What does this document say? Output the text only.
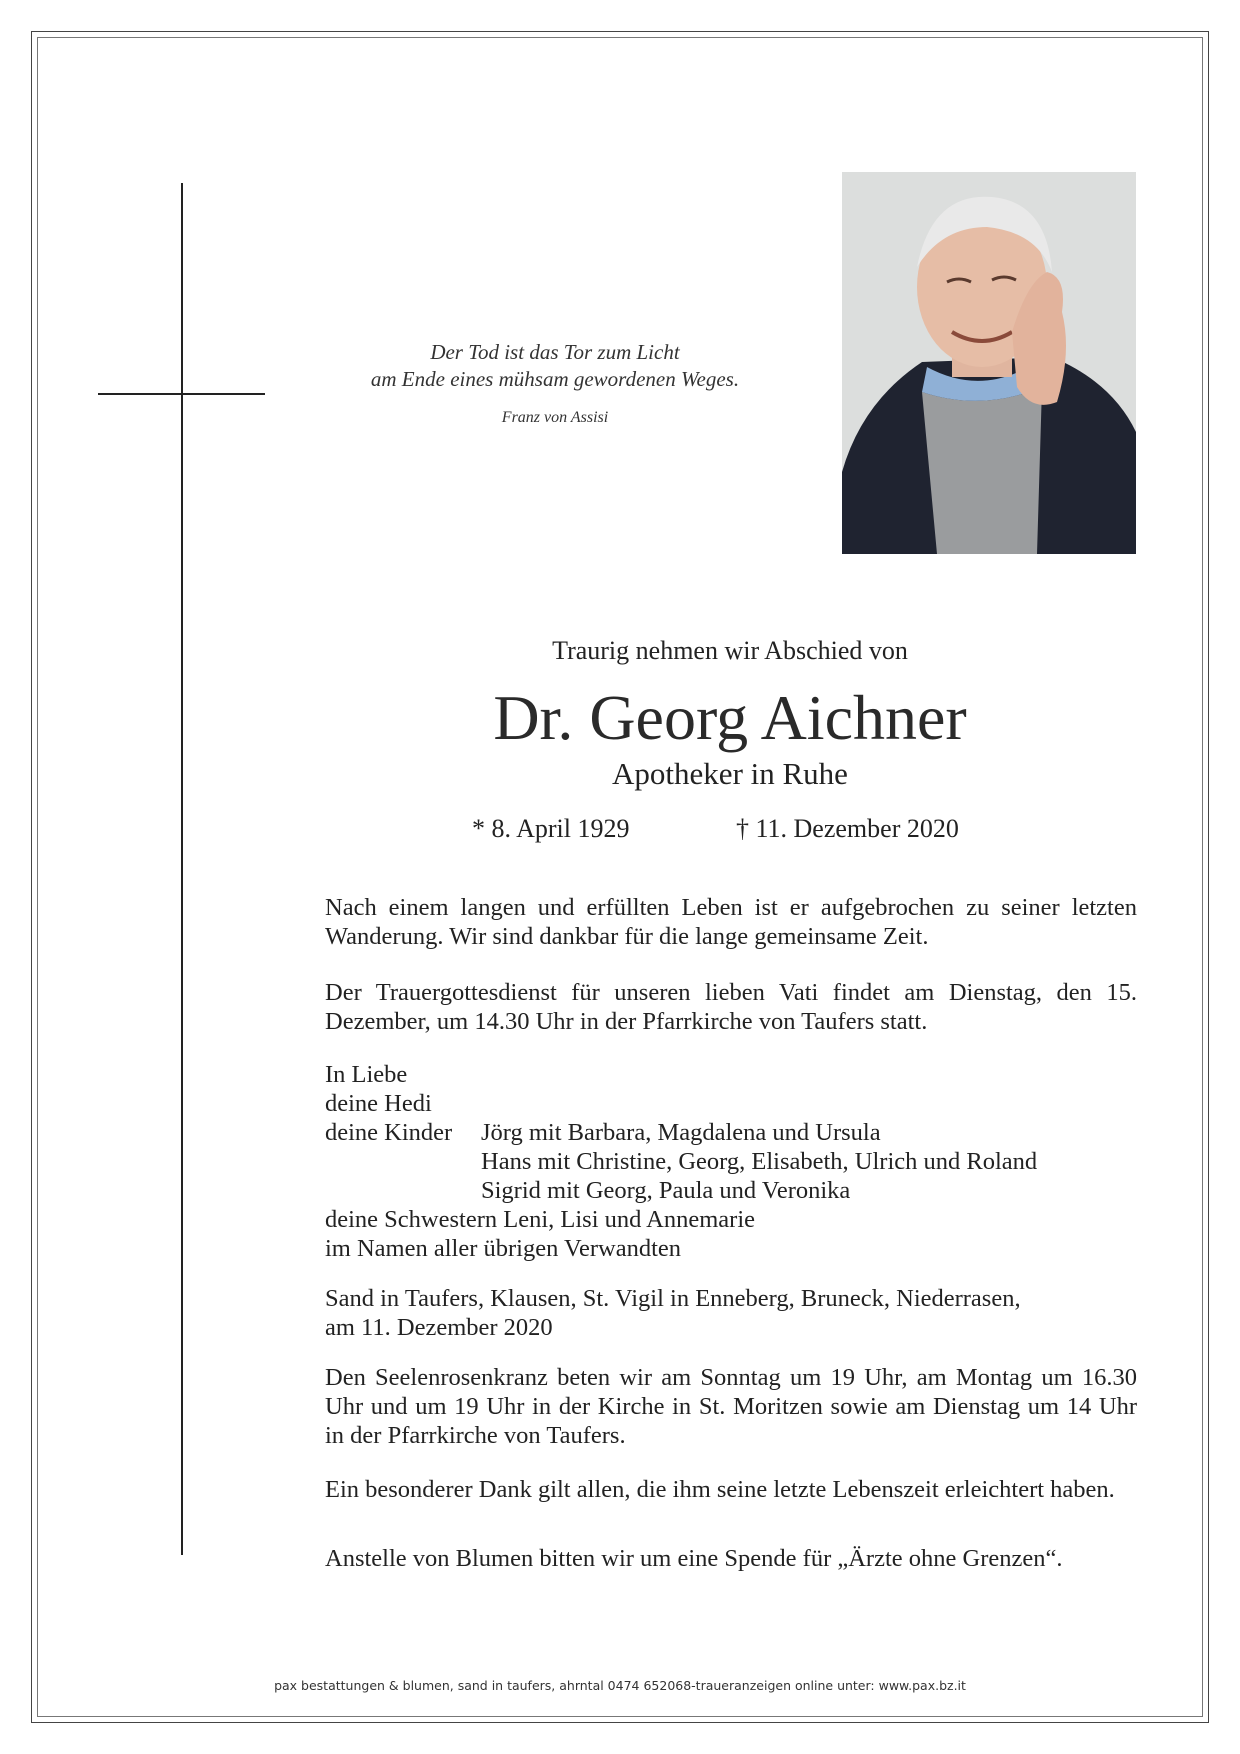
Der Tod ist das Tor zum Licht
am Ende eines mühsam gewordenen Weges.
Franz von Assisi
Traurig nehmen wir Abschied von
Dr. Georg Aichner
Apotheker in Ruhe
* 8. April 1929	† 11. Dezember 2020
Nach einem langen und erfüllten Leben ist er aufgebrochen zu seiner letzten Wanderung. Wir sind dankbar für die lange gemeinsame Zeit.
Der Trauergottesdienst für unseren lieben Vati findet am Dienstag, den 15. Dezember, um 14.30 Uhr in der Pfarrkirche von Taufers statt.
In Liebe
deine Hedi
deine Kinder Jörg mit Barbara, Magdalena und Ursula
Hans mit Christine, Georg, Elisabeth, Ulrich und Roland
Sigrid mit Georg, Paula und Veronika
deine Schwestern Leni, Lisi und Annemarie
im Namen aller übrigen Verwandten
Sand in Taufers, Klausen, St. Vigil in Enneberg, Bruneck, Niederrasen,
am 11. Dezember 2020
Den Seelenrosenkranz beten wir am Sonntag um 19 Uhr, am Montag um 16.30 Uhr und um 19 Uhr in der Kirche in St. Moritzen sowie am Dienstag um 14 Uhr in der Pfarrkirche von Taufers.
Ein besonderer Dank gilt allen, die ihm seine letzte Lebenszeit erleichtert haben.
Anstelle von Blumen bitten wir um eine Spende für „Ärzte ohne Grenzen“.
pax bestattungen & blumen, sand in taufers, ahrntal 0474 652068-traueranzeigen online unter: www.pax.bz.it
